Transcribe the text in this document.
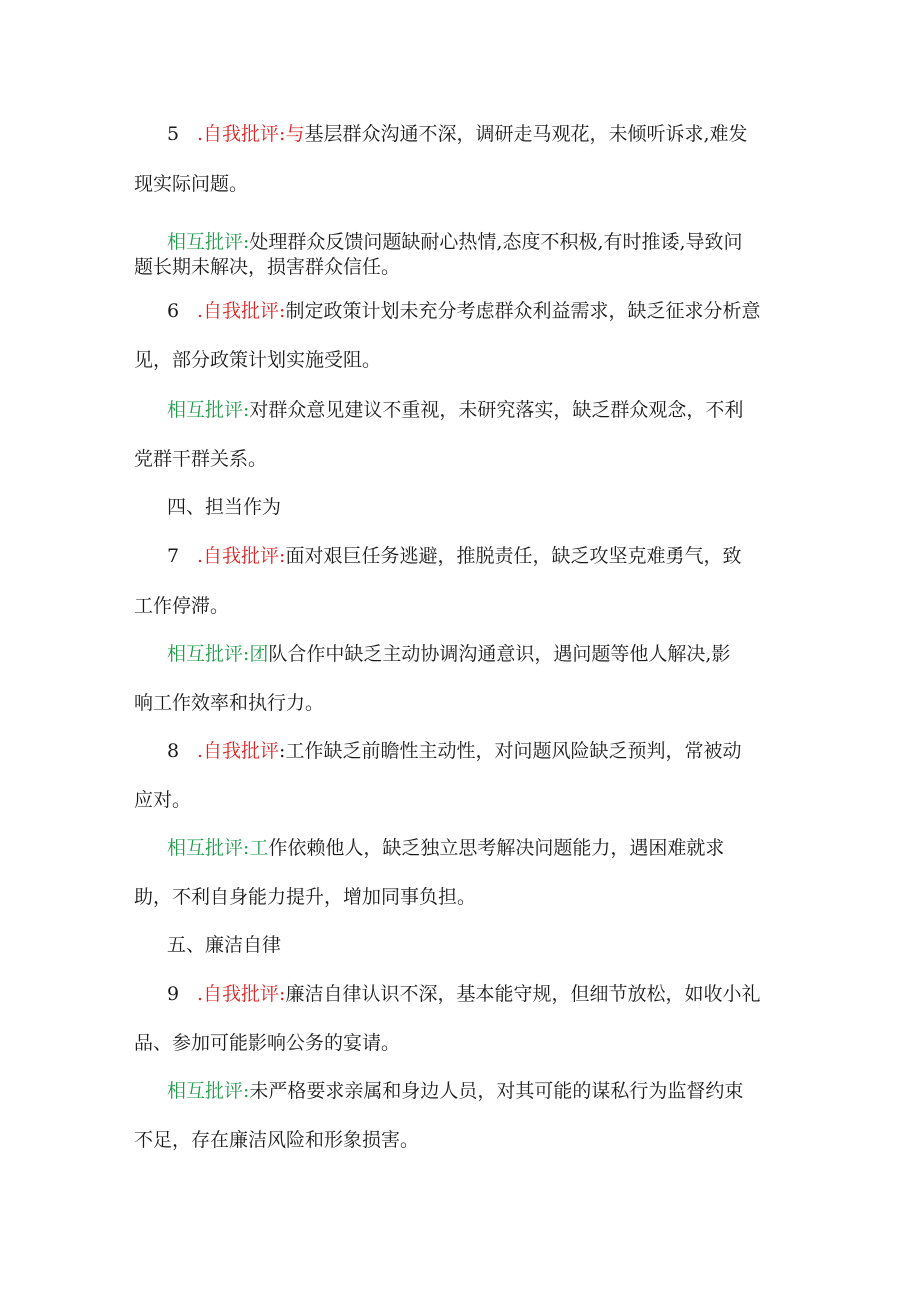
5 .自我批评:与基层群众沟通不深，调研走马观花，未倾听诉求,难发
现实际问题。
相互批评:处理群众反馈问题缺耐心热情,态度不积极,有时推诿,导致问
题长期未解决，损害群众信任。
6 .自我批评:制定政策计划未充分考虑群众利益需求，缺乏征求分析意
见，部分政策计划实施受阻。
相互批评:对群众意见建议不重视，未研究落实，缺乏群众观念，不利
党群干群关系。
四、担当作为
7 .自我批评:面对艰巨任务逃避，推脱责任，缺乏攻坚克难勇气，致
工作停滞。
相互批评:团队合作中缺乏主动协调沟通意识，遇问题等他人解决,影
响工作效率和执行力。
8 .自我批评:工作缺乏前瞻性主动性，对问题风险缺乏预判，常被动
应对。
相互批评:工作依赖他人，缺乏独立思考解决问题能力，遇困难就求
助，不利自身能力提升，增加同事负担。
五、廉洁自律
9 .自我批评:廉洁自律认识不深，基本能守规，但细节放松，如收小礼
品、参加可能影响公务的宴请。
相互批评:未严格要求亲属和身边人员，对其可能的谋私行为监督约束
不足，存在廉洁风险和形象损害。
